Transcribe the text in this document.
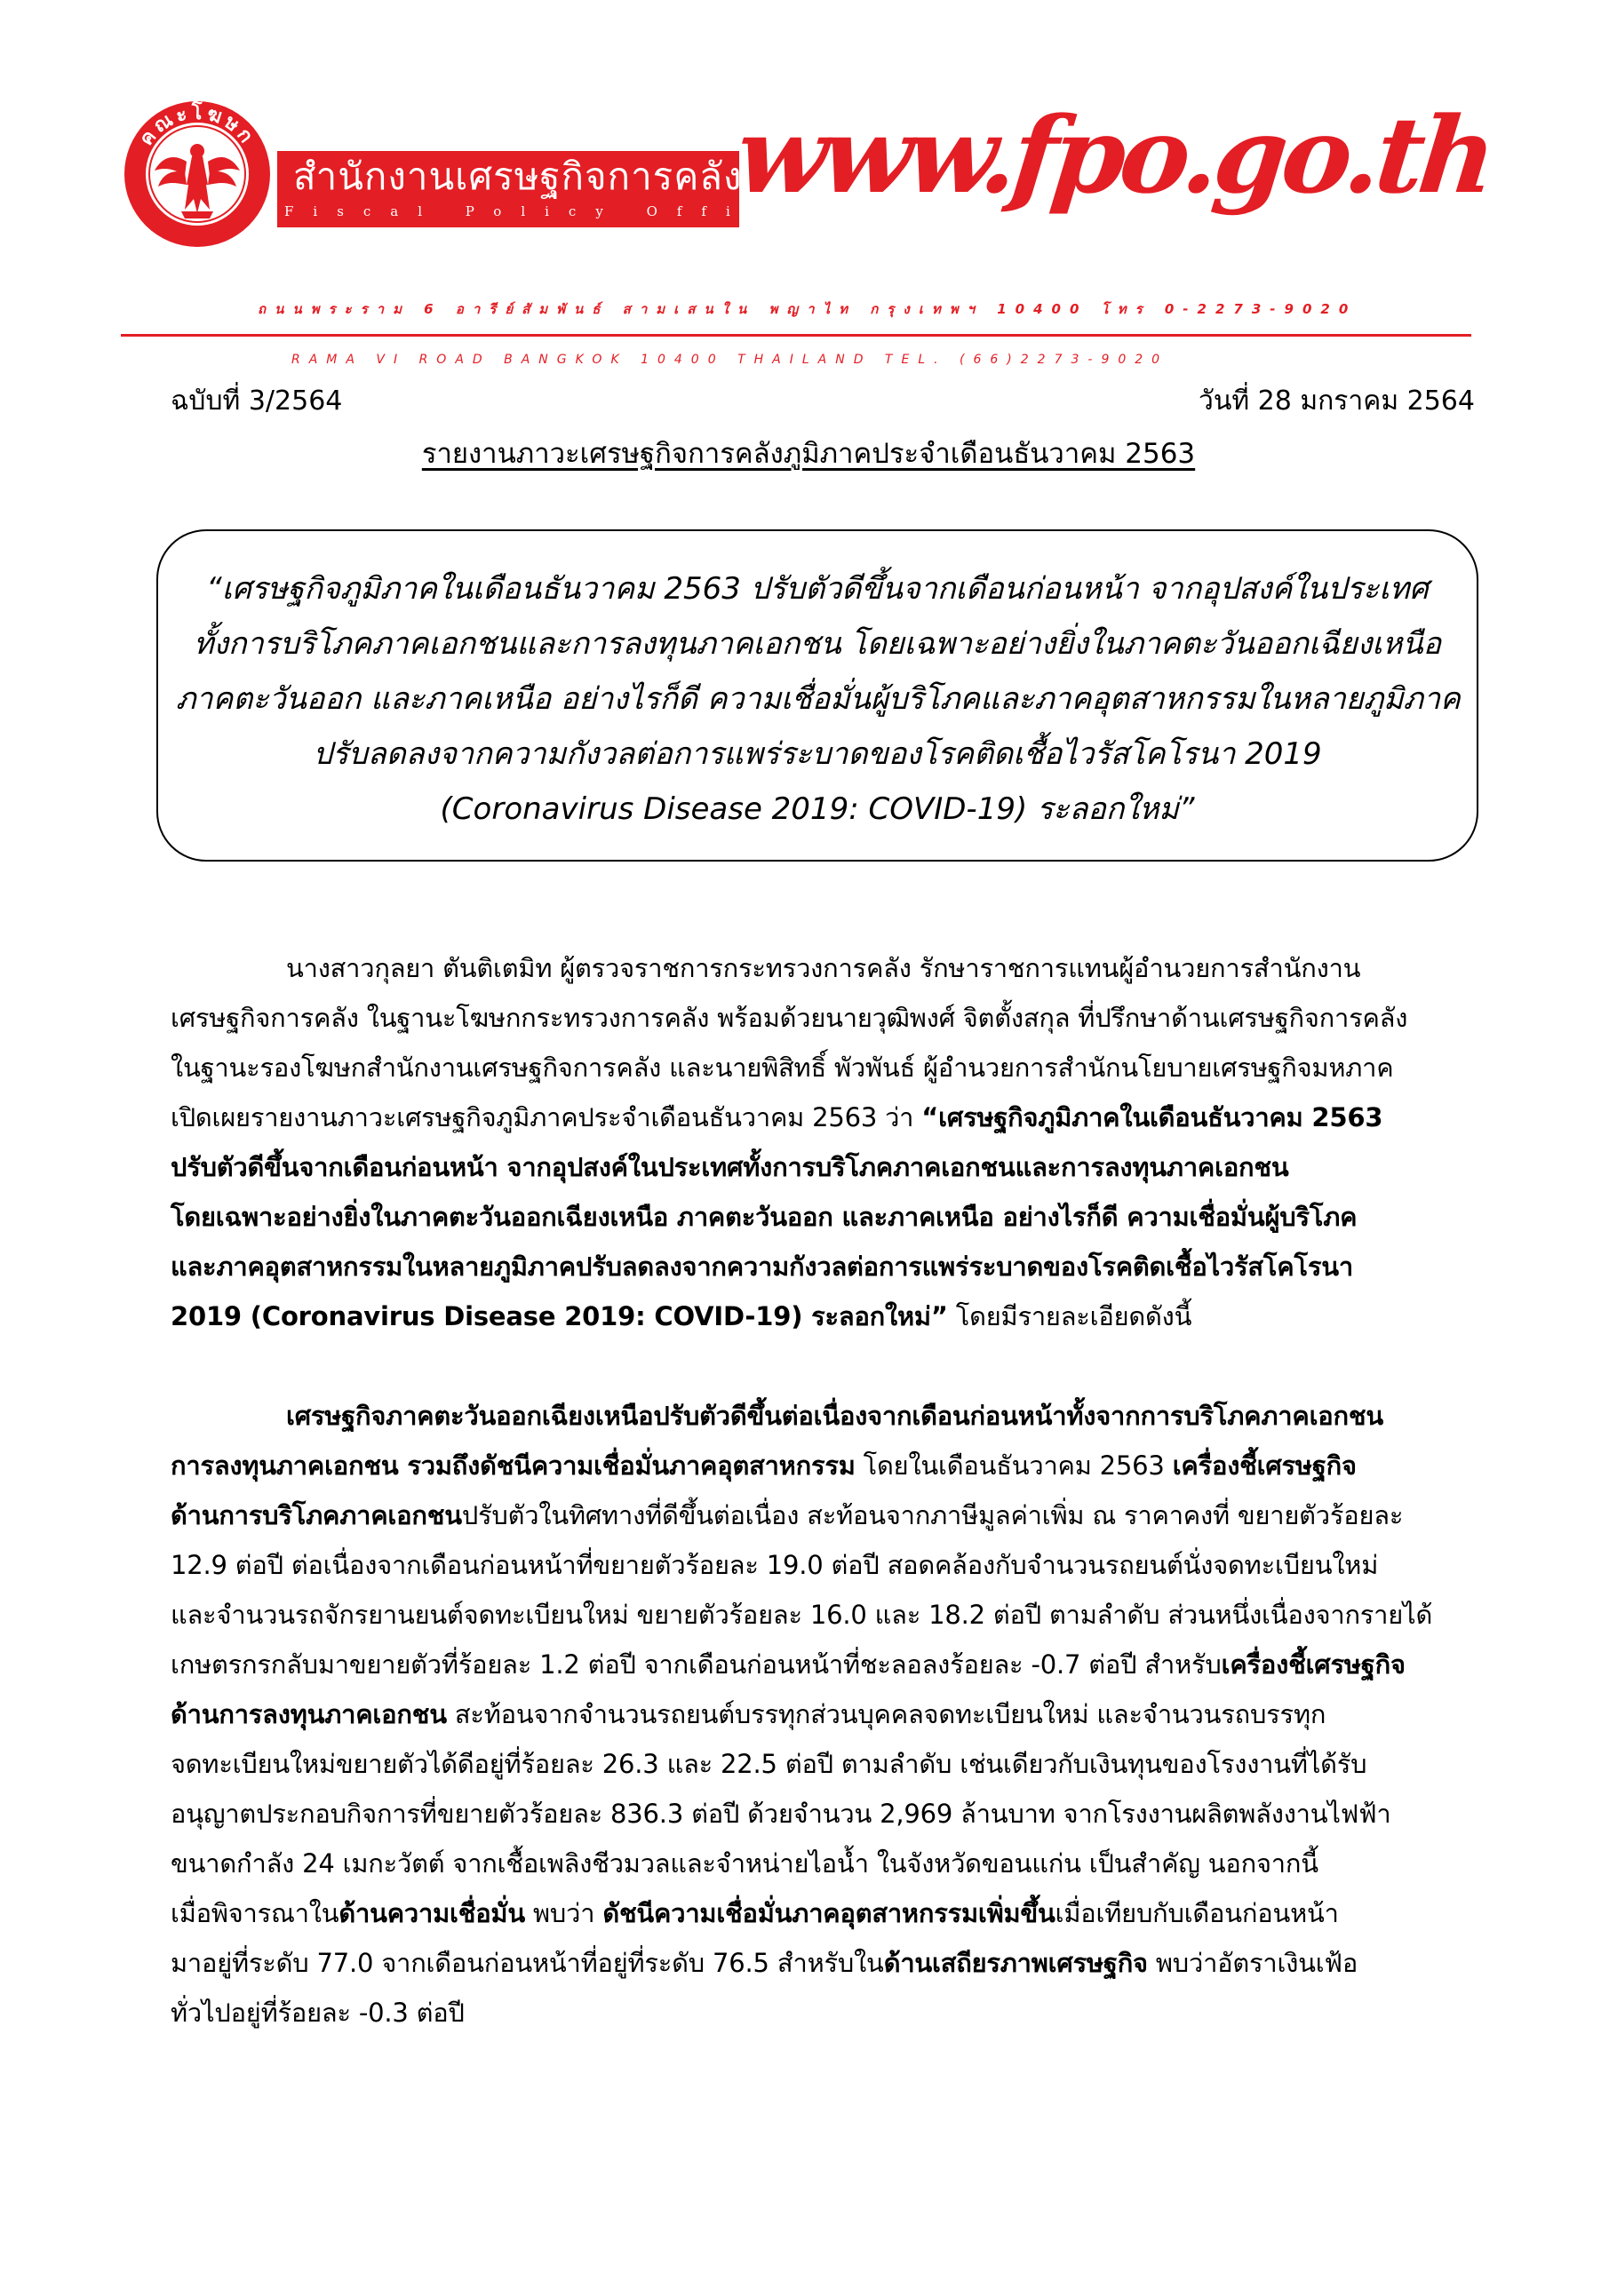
คณะโฆษก
สำนักงานเศรษฐกิจการคลัง
Fiscal Policy Office
www.fpo.go.th
ถนนพระราม 6 อารีย์สัมพันธ์ สามเสนใน พญาไท กรุงเทพฯ 10400 โทร 0-2273-9020
RAMA VI ROAD BANGKOK 10400 THAILAND TEL. (66)2273-9020
ฉบับที่ 3/2564	วันที่ 28 มกราคม 2564
รายงานภาวะเศรษฐกิจการคลังภูมิภาคประจำเดือนธันวาคม 2563
“เศรษฐกิจภูมิภาคในเดือนธันวาคม 2563 ปรับตัวดีขึ้นจากเดือนก่อนหน้า จากอุปสงค์ในประเทศ
ทั้งการบริโภคภาคเอกชนและการลงทุนภาคเอกชน โดยเฉพาะอย่างยิ่งในภาคตะวันออกเฉียงเหนือ
ภาคตะวันออก และภาคเหนือ อย่างไรก็ดี ความเชื่อมั่นผู้บริโภคและภาคอุตสาหกรรมในหลายภูมิภาค
ปรับลดลงจากความกังวลต่อการแพร่ระบาดของโรคติดเชื้อไวรัสโคโรนา 2019
(Coronavirus Disease 2019: COVID-19) ระลอกใหม่”
นางสาวกุลยา ตันติเตมิท ผู้ตรวจราชการกระทรวงการคลัง รักษาราชการแทนผู้อำนวยการสำนักงาน
เศรษฐกิจการคลัง ในฐานะโฆษกกระทรวงการคลัง พร้อมด้วยนายวุฒิพงศ์ จิตตั้งสกุล ที่ปรึกษาด้านเศรษฐกิจการคลัง
ในฐานะรองโฆษกสำนักงานเศรษฐกิจการคลัง และนายพิสิทธิ์ พัวพันธ์ ผู้อำนวยการสำนักนโยบายเศรษฐกิจมหภาค
เปิดเผยรายงานภาวะเศรษฐกิจภูมิภาคประจำเดือนธันวาคม 2563 ว่า “เศรษฐกิจภูมิภาคในเดือนธันวาคม 2563
ปรับตัวดีขึ้นจากเดือนก่อนหน้า จากอุปสงค์ในประเทศทั้งการบริโภคภาคเอกชนและการลงทุนภาคเอกชน
โดยเฉพาะอย่างยิ่งในภาคตะวันออกเฉียงเหนือ ภาคตะวันออก และภาคเหนือ อย่างไรก็ดี ความเชื่อมั่นผู้บริโภค
และภาคอุตสาหกรรมในหลายภูมิภาคปรับลดลงจากความกังวลต่อการแพร่ระบาดของโรคติดเชื้อไวรัสโคโรนา
2019 (Coronavirus Disease 2019: COVID-19) ระลอกใหม่” โดยมีรายละเอียดดังนี้
เศรษฐกิจภาคตะวันออกเฉียงเหนือปรับตัวดีขึ้นต่อเนื่องจากเดือนก่อนหน้าทั้งจากการบริโภคภาคเอกชน
การลงทุนภาคเอกชน รวมถึงดัชนีความเชื่อมั่นภาคอุตสาหกรรม โดยในเดือนธันวาคม 2563 เครื่องชี้เศรษฐกิจ
ด้านการบริโภคภาคเอกชนปรับตัวในทิศทางที่ดีขึ้นต่อเนื่อง สะท้อนจากภาษีมูลค่าเพิ่ม ณ ราคาคงที่ ขยายตัวร้อยละ
12.9 ต่อปี ต่อเนื่องจากเดือนก่อนหน้าที่ขยายตัวร้อยละ 19.0 ต่อปี สอดคล้องกับจำนวนรถยนต์นั่งจดทะเบียนใหม่
และจำนวนรถจักรยานยนต์จดทะเบียนใหม่ ขยายตัวร้อยละ 16.0 และ 18.2 ต่อปี ตามลำดับ ส่วนหนึ่งเนื่องจากรายได้
เกษตรกรกลับมาขยายตัวที่ร้อยละ 1.2 ต่อปี จากเดือนก่อนหน้าที่ชะลอลงร้อยละ -0.7 ต่อปี สำหรับเครื่องชี้เศรษฐกิจ
ด้านการลงทุนภาคเอกชน สะท้อนจากจำนวนรถยนต์บรรทุกส่วนบุคคลจดทะเบียนใหม่ และจำนวนรถบรรทุก
จดทะเบียนใหม่ขยายตัวได้ดีอยู่ที่ร้อยละ 26.3 และ 22.5 ต่อปี ตามลำดับ เช่นเดียวกับเงินทุนของโรงงานที่ได้รับ
อนุญาตประกอบกิจการที่ขยายตัวร้อยละ 836.3 ต่อปี ด้วยจำนวน 2,969 ล้านบาท จากโรงงานผลิตพลังงานไฟฟ้า
ขนาดกำลัง 24 เมกะวัตต์ จากเชื้อเพลิงชีวมวลและจำหน่ายไอน้ำ ในจังหวัดขอนแก่น เป็นสำคัญ นอกจากนี้
เมื่อพิจารณาในด้านความเชื่อมั่น พบว่า ดัชนีความเชื่อมั่นภาคอุตสาหกรรมเพิ่มขึ้นเมื่อเทียบกับเดือนก่อนหน้า
มาอยู่ที่ระดับ 77.0 จากเดือนก่อนหน้าที่อยู่ที่ระดับ 76.5 สำหรับในด้านเสถียรภาพเศรษฐกิจ พบว่าอัตราเงินเฟ้อ
ทั่วไปอยู่ที่ร้อยละ -0.3 ต่อปี
